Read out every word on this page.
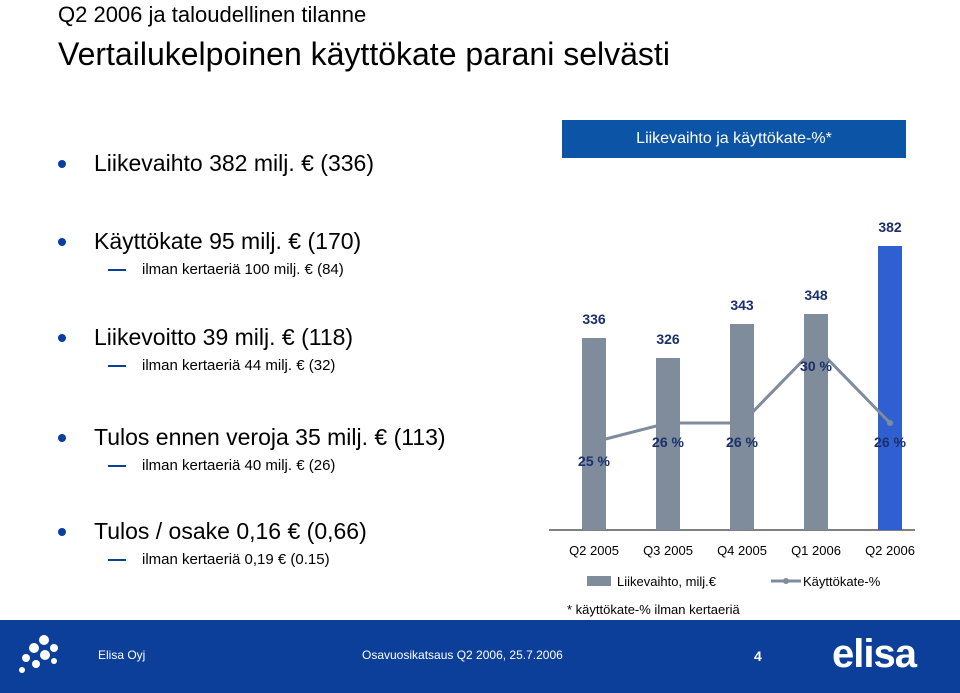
Q2 2006 ja taloudellinen tilanne
Vertailukelpoinen käyttökate parani selvästi
Liikevaihto 382 milj. € (336)
Käyttökate 95 milj. € (170)
ilman kertaeriä 100 milj. € (84)
Liikevoitto 39 milj. € (118)
ilman kertaeriä 44 milj. € (32)
Tulos ennen veroja 35 milj. € (113)
ilman kertaeriä 40 milj. € (26)
Tulos / osake 0,16 € (0,66)
ilman kertaeriä 0,19 € (0.15)
Liikevaihto ja käyttökate-%*
336
326
343
348
382
25 %
26 %	26 %
30 %
26 %
Q2 2005 Q3 2005 Q4 2005 Q1 2006 Q2 2006
Liikevaihto, milj.€	Käyttökate-%
* käyttökate-% ilman kertaeriä
Elisa Oyj	Osavuosikatsaus Q2 2006, 25.7.2006	4 elisa
